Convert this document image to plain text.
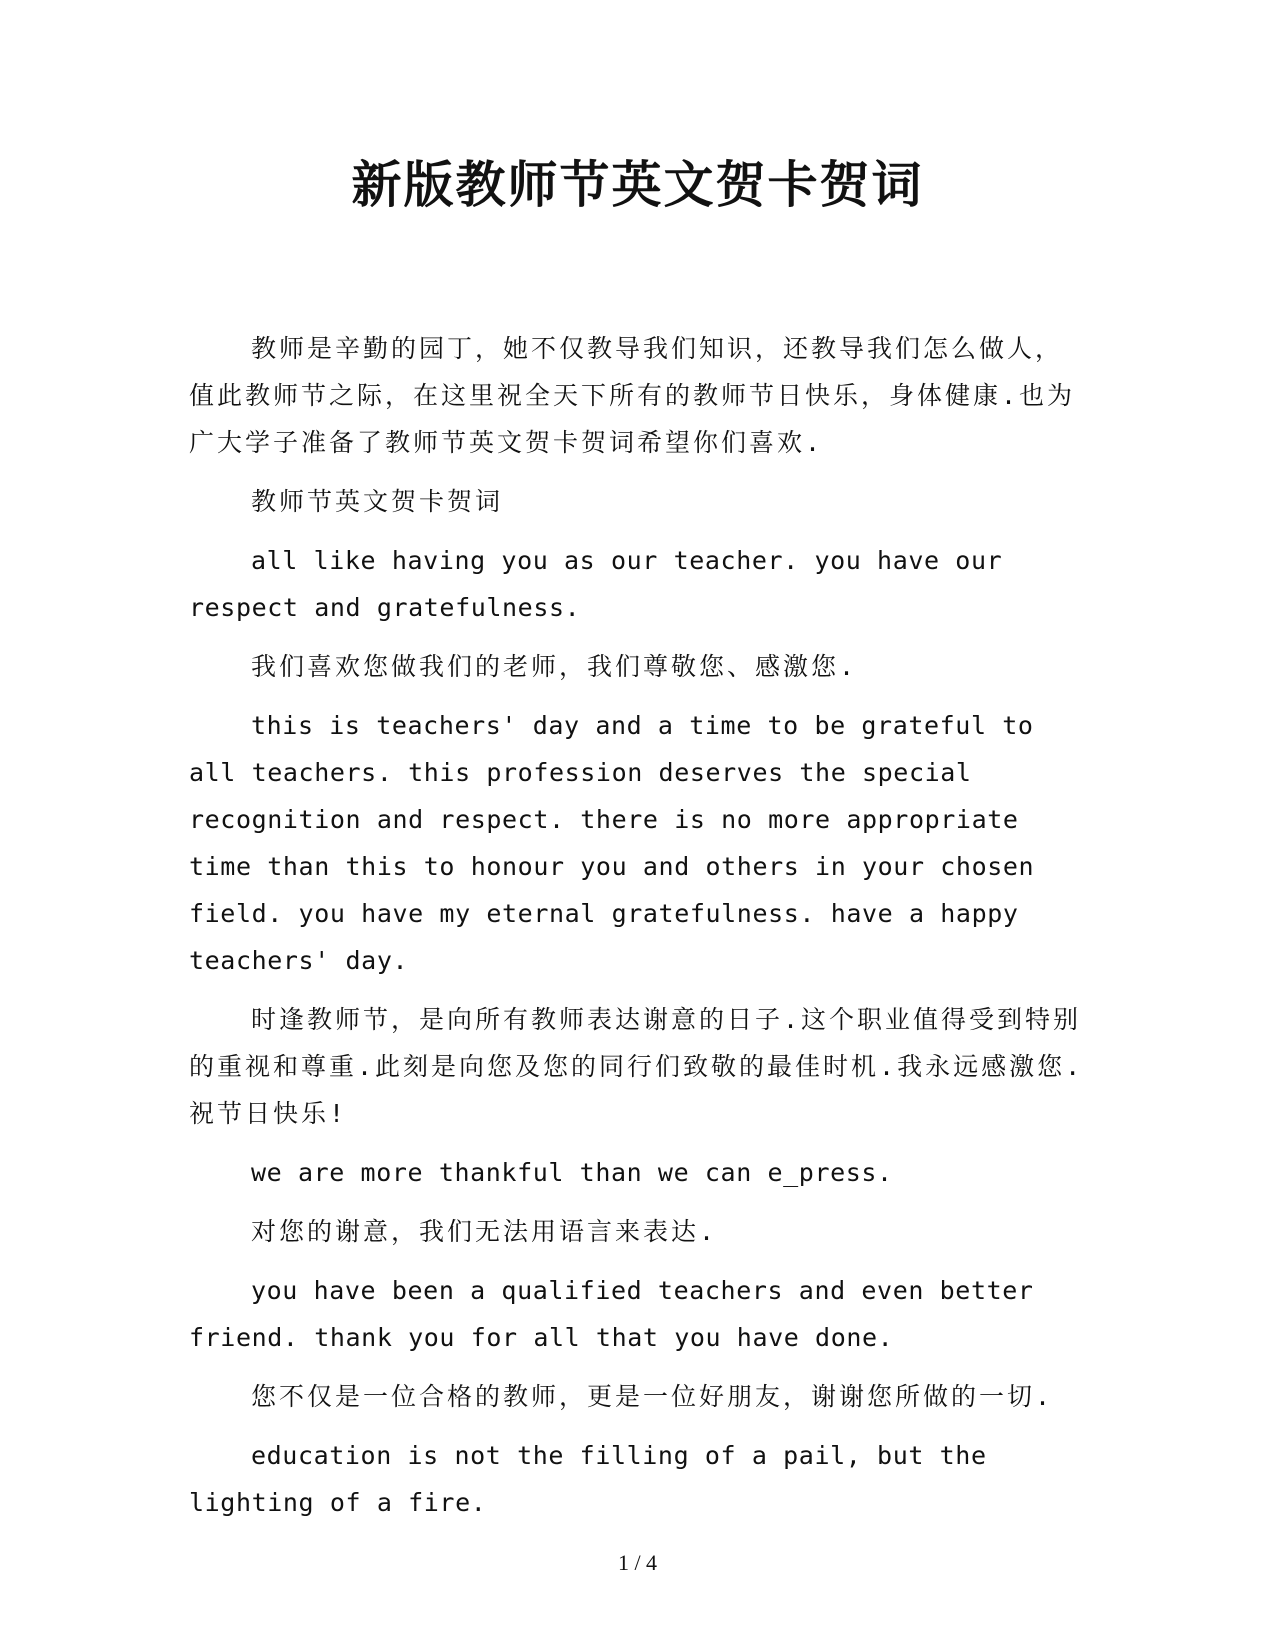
新版教师节英文贺卡贺词

教师是辛勤的园丁，她不仅教导我们知识，还教导我们怎么做人，值此教师节之际，在这里祝全天下所有的教师节日快乐，身体健康.也为广大学子准备了教师节英文贺卡贺词希望你们喜欢.

教师节英文贺卡贺词

all like having you as our teacher. you have our respect and gratefulness.

我们喜欢您做我们的老师，我们尊敬您、感激您.

this is teachers' day and a time to be grateful to all teachers. this profession deserves the special recognition and respect. there is no more appropriate time than this to honour you and others in your chosen field. you have my eternal gratefulness. have a happy teachers' day.

时逢教师节，是向所有教师表达谢意的日子.这个职业值得受到特别的重视和尊重.此刻是向您及您的同行们致敬的最佳时机.我永远感激您.祝节日快乐!

we are more thankful than we can e_press.

对您的谢意，我们无法用语言来表达.

you have been a qualified teachers and even better friend. thank you for all that you have done.

您不仅是一位合格的教师，更是一位好朋友，谢谢您所做的一切.

education is not the filling of a pail, but the lighting of a fire.

1 / 4
